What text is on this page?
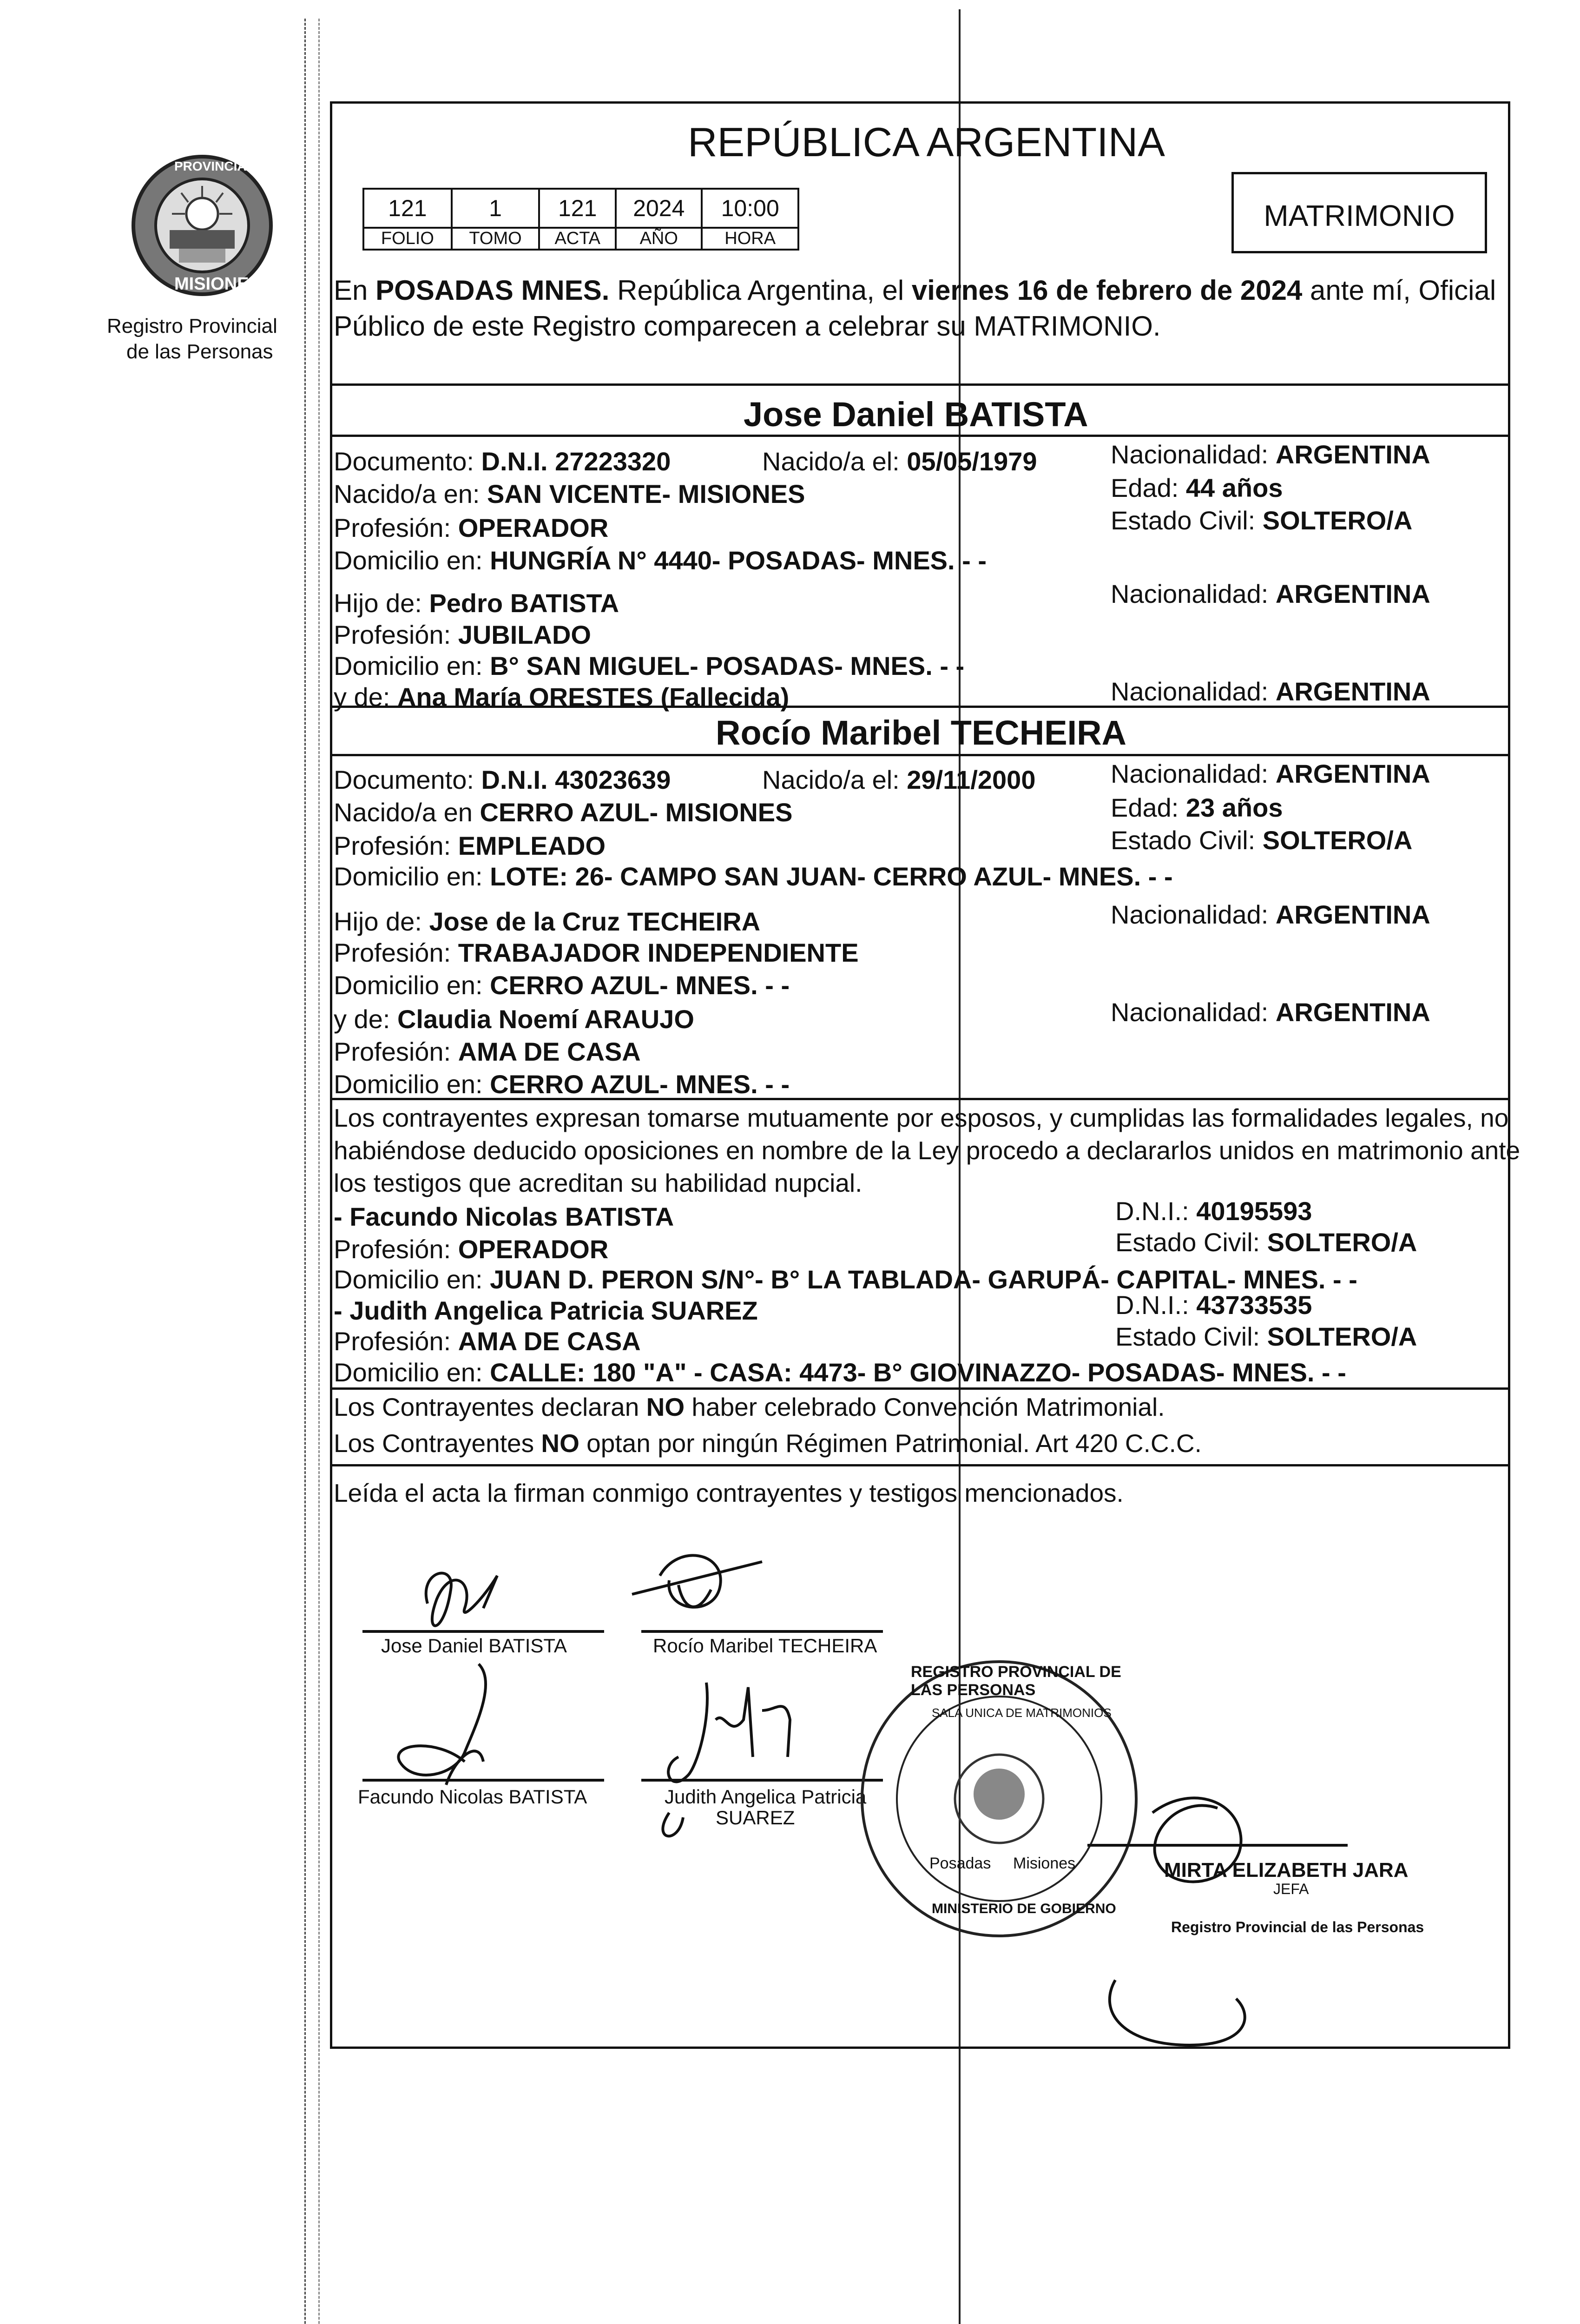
PROVINCIA DE
MISIONES
Registro Provincial
de las Personas
REPÚBLICA ARGENTINA
121	1	121	2024	10:00
FOLIO	TOMO	ACTA	AÑO	HORA
MATRIMONIO
En POSADAS MNES. República Argentina, el viernes 16 de febrero de 2024 ante mí, Oficial
Público de este Registro comparecen a celebrar su MATRIMONIO.
Jose Daniel BATISTA
Documento: D.N.I. 27223320	Nacido/a el: 05/05/1979	Nacionalidad: ARGENTINA
Nacido/a en: SAN VICENTE- MISIONES	Edad: 44 años
Profesión: OPERADOR	Estado Civil: SOLTERO/A
Domicilio en: HUNGRÍA N° 4440- POSADAS- MNES. - -
Hijo de: Pedro BATISTA	Nacionalidad: ARGENTINA
Profesión: JUBILADO
Domicilio en: B° SAN MIGUEL- POSADAS- MNES. - -
y de: Ana María ORESTES (Fallecida)	Nacionalidad: ARGENTINA
Rocío Maribel TECHEIRA
Documento: D.N.I. 43023639	Nacido/a el: 29/11/2000	Nacionalidad: ARGENTINA
Nacido/a en CERRO AZUL- MISIONES	Edad: 23 años
Profesión: EMPLEADO	Estado Civil: SOLTERO/A
Domicilio en: LOTE: 26- CAMPO SAN JUAN- CERRO AZUL- MNES. - -
Hijo de: Jose de la Cruz TECHEIRA	Nacionalidad: ARGENTINA
Profesión: TRABAJADOR INDEPENDIENTE
Domicilio en: CERRO AZUL- MNES. - -
y de: Claudia Noemí ARAUJO	Nacionalidad: ARGENTINA
Profesión: AMA DE CASA
Domicilio en: CERRO AZUL- MNES. - -
Los contrayentes expresan tomarse mutuamente por esposos, y cumplidas las formalidades legales, no
habiéndose deducido oposiciones en nombre de la Ley procedo a declararlos unidos en matrimonio ante
los testigos que acreditan su habilidad nupcial.
- Facundo Nicolas BATISTA	D.N.I.: 40195593
Profesión: OPERADOR	Estado Civil: SOLTERO/A
Domicilio en: JUAN D. PERON S/N°- B° LA TABLADA- GARUPÁ- CAPITAL- MNES. - -
- Judith Angelica Patricia SUAREZ	D.N.I.: 43733535
Profesión: AMA DE CASA	Estado Civil: SOLTERO/A
Domicilio en: CALLE: 180 "A" - CASA: 4473- B° GIOVINAZZO- POSADAS- MNES. - -
Los Contrayentes declaran NO haber celebrado Convención Matrimonial.
Los Contrayentes NO optan por ningún Régimen Patrimonial. Art 420 C.C.C.
Leída el acta la firman conmigo contrayentes y testigos mencionados.
Jose Daniel BATISTA	Rocío Maribel TECHEIRA
Facundo Nicolas BATISTA	Judith Angelica Patricia
SUAREZ
REGISTRO PROVINCIAL DE LAS PERSONAS
SALA UNICA DE MATRIMONIOS
Posadas Misiones
MINISTERIO DE GOBIERNO
MIRTA ELIZABETH JARA
JEFA
Registro Provincial de las Personas
